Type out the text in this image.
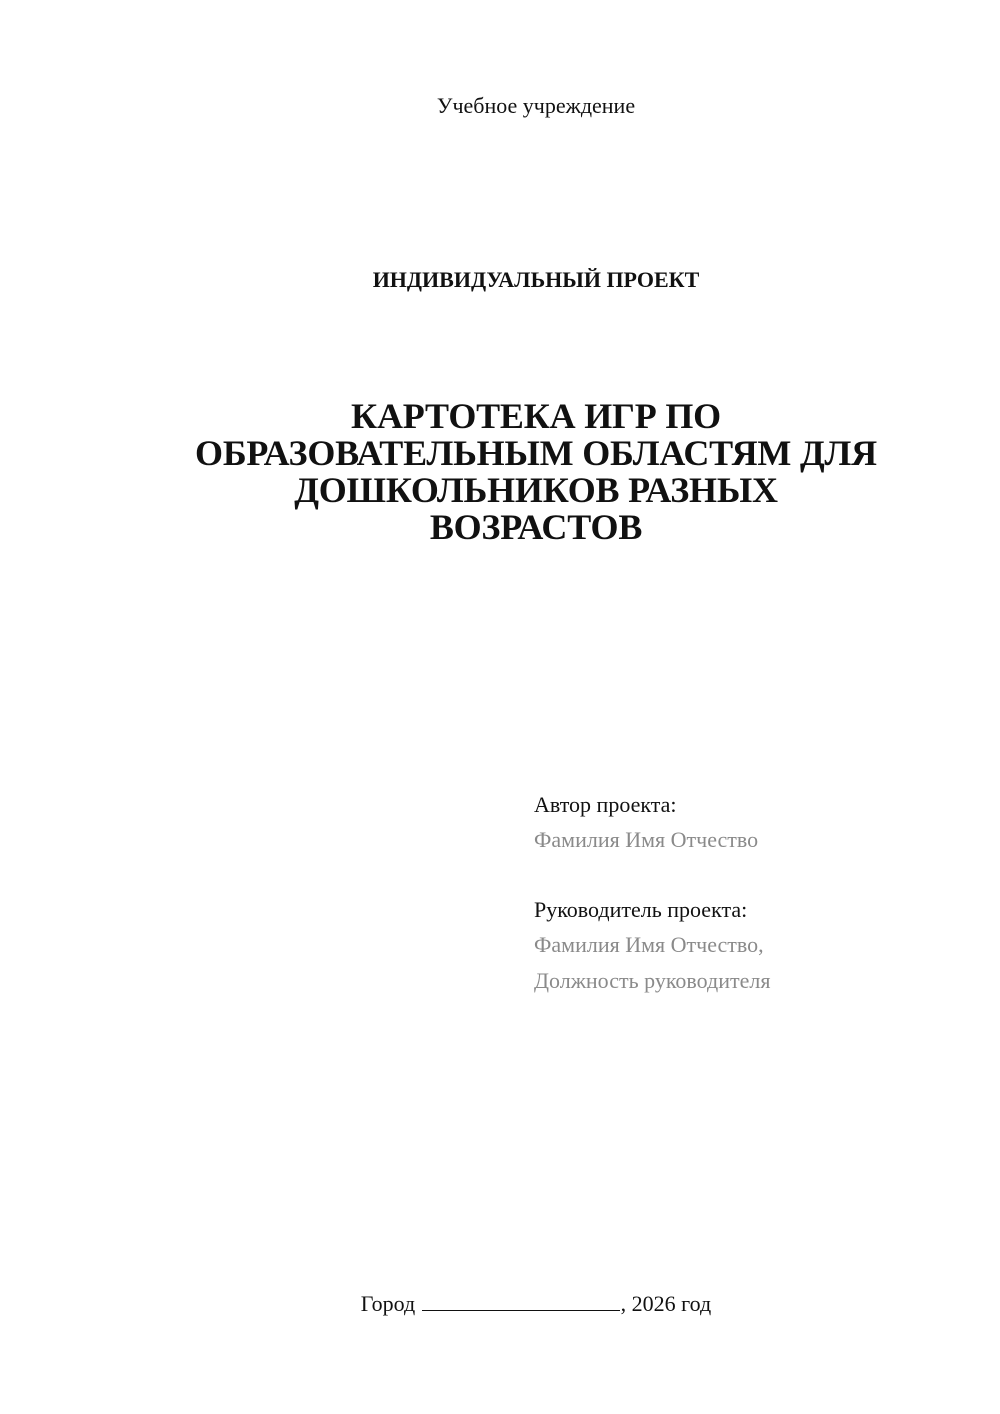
Учебное учреждение
ИНДИВИДУАЛЬНЫЙ ПРОЕКТ
КАРТОТЕКА ИГР ПО
ОБРАЗОВАТЕЛЬНЫМ ОБЛАСТЯМ ДЛЯ
ДОШКОЛЬНИКОВ РАЗНЫХ
ВОЗРАСТОВ
Автор проекта:
Фамилия Имя Отчество
Руководитель проекта:
Фамилия Имя Отчество,
Должность руководителя
Город	, 2026 год
